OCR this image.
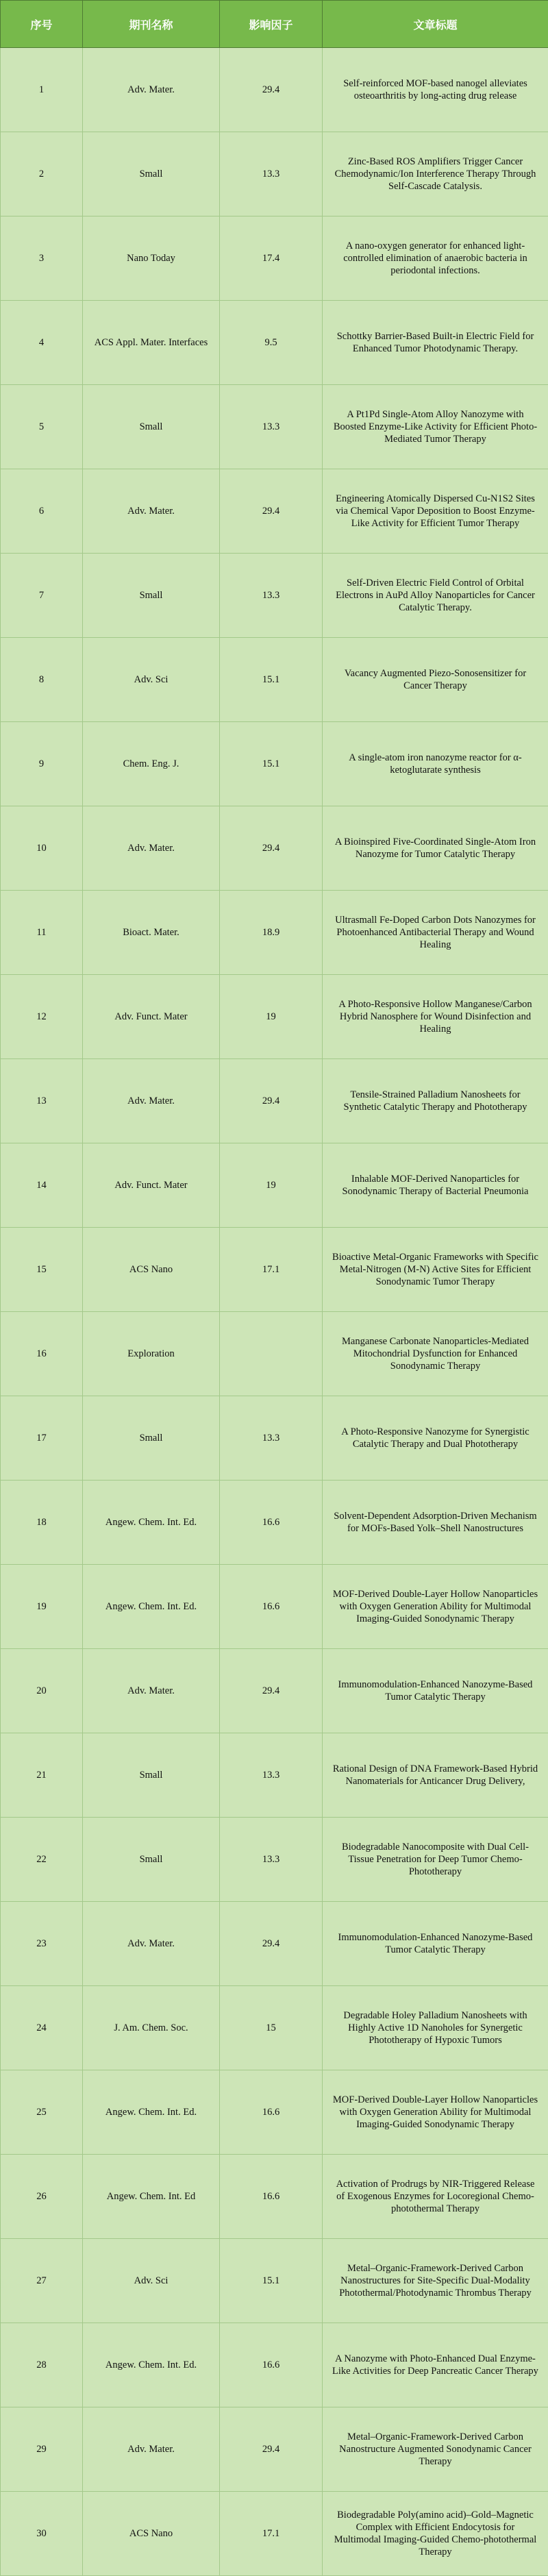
序号	期刊名称	影响因子	文章标题
1	Adv. Mater.	29.4	Self-reinforced MOF-based nanogel alleviates osteoarthritis by long-acting drug release
2	Small	13.3	Zinc-Based ROS Amplifiers Trigger Cancer Chemodynamic/Ion Interference Therapy Through Self-Cascade Catalysis.
3	Nano Today	17.4	A nano-oxygen generator for enhanced light-controlled elimination of anaerobic bacteria in periodontal infections.
4	ACS Appl. Mater. Interfaces	9.5	Schottky Barrier-Based Built-in Electric Field for Enhanced Tumor Photodynamic Therapy.
5	Small	13.3	A Pt1Pd Single-Atom Alloy Nanozyme with Boosted Enzyme-Like Activity for Efficient Photo-Mediated Tumor Therapy
6	Adv. Mater.	29.4	Engineering Atomically Dispersed Cu-N1S2 Sites via Chemical Vapor Deposition to Boost Enzyme-Like Activity for Efficient Tumor Therapy
7	Small	13.3	Self-Driven Electric Field Control of Orbital Electrons in AuPd Alloy Nanoparticles for Cancer Catalytic Therapy.
8	Adv. Sci	15.1	Vacancy Augmented Piezo-Sonosensitizer for Cancer Therapy
9	Chem. Eng. J.	15.1	A single-atom iron nanozyme reactor for α-ketoglutarate synthesis
10	Adv. Mater.	29.4	A Bioinspired Five-Coordinated Single-Atom Iron
Nanozyme for Tumor Catalytic Therapy
11	Bioact. Mater.	18.9	Ultrasmall Fe-Doped Carbon Dots Nanozymes for
Photoenhanced Antibacterial Therapy and Wound Healing
12	Adv. Funct. Mater	19	A Photo-Responsive Hollow Manganese/Carbon Hybrid Nanosphere for Wound Disinfection and Healing
13	Adv. Mater.	29.4	Tensile-Strained Palladium Nanosheets for Synthetic Catalytic Therapy and Phototherapy
14	Adv. Funct. Mater	19	Inhalable MOF-Derived Nanoparticles for Sonodynamic Therapy of Bacterial Pneumonia
15	ACS Nano	17.1	Bioactive Metal-Organic Frameworks with Specific
Metal-Nitrogen (M-N) Active Sites for Efficient Sonodynamic Tumor Therapy
16	Exploration		Manganese Carbonate Nanoparticles-Mediated Mitochondrial Dysfunction for Enhanced Sonodynamic Therapy
17	Small	13.3	A Photo-Responsive Nanozyme for Synergistic Catalytic Therapy and Dual Phototherapy
18	Angew. Chem. Int. Ed.	16.6	Solvent-Dependent Adsorption-Driven Mechanism for MOFs-Based Yolk–Shell Nanostructures
19	Angew. Chem. Int. Ed.	16.6	MOF-Derived Double-Layer Hollow Nanoparticles with Oxygen Generation Ability for Multimodal Imaging-Guided Sonodynamic Therapy
20	Adv. Mater.	29.4	Immunomodulation-Enhanced Nanozyme-Based Tumor Catalytic Therapy
21	Small	13.3	Rational Design of DNA Framework-Based Hybrid Nanomaterials for Anticancer Drug Delivery,
22	Small	13.3	Biodegradable Nanocomposite with Dual Cell-Tissue Penetration for Deep Tumor Chemo-Phototherapy
23	Adv. Mater.	29.4	Immunomodulation-Enhanced Nanozyme-Based Tumor Catalytic Therapy
24	J. Am. Chem. Soc.	15	Degradable Holey Palladium Nanosheets with Highly Active 1D Nanoholes for Synergetic Phototherapy of Hypoxic Tumors
25	Angew. Chem. Int. Ed.	16.6	MOF-Derived Double-Layer Hollow Nanoparticles with Oxygen Generation Ability for Multimodal Imaging-Guided Sonodynamic Therapy
26	Angew. Chem. Int. Ed	16.6	Activation of Prodrugs by NIR-Triggered Release of Exogenous Enzymes for Locoregional Chemo-photothermal Therapy
27	Adv. Sci	15.1	Metal–Organic-Framework-Derived Carbon Nanostructures for Site-Specific Dual-Modality Photothermal/Photodynamic Thrombus Therapy
28	Angew. Chem. Int. Ed.	16.6	A Nanozyme with Photo-Enhanced Dual Enzyme-Like Activities for Deep Pancreatic Cancer Therapy
29	Adv. Mater.	29.4	Metal–Organic-Framework-Derived Carbon Nanostructure Augmented Sonodynamic Cancer Therapy
30	ACS Nano	17.1	Biodegradable Poly(amino acid)–Gold–Magnetic Complex with Efficient Endocytosis for Multimodal Imaging-Guided Chemo-photothermal Therapy
